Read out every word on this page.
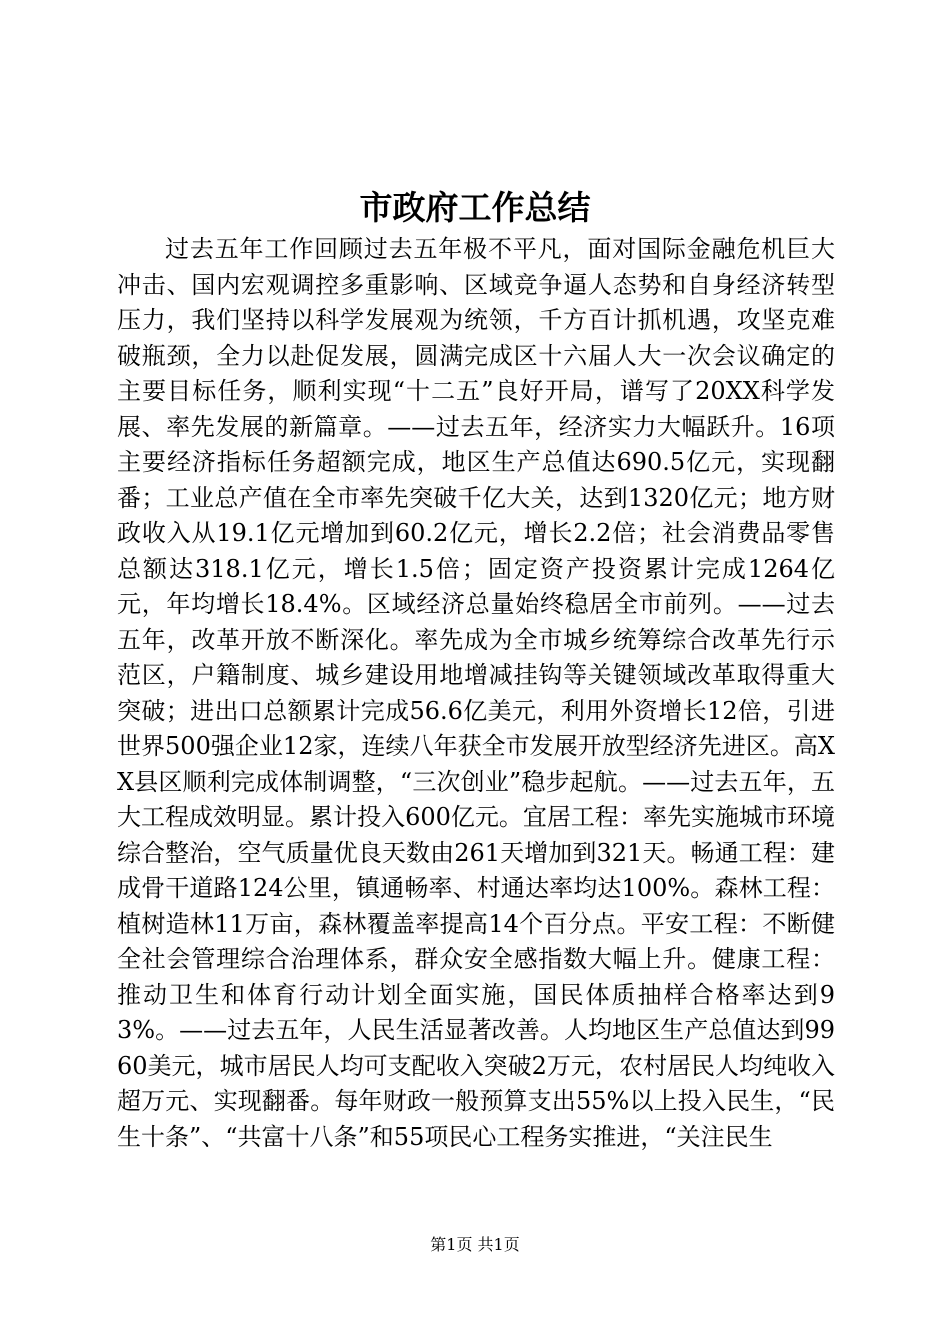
市政府工作总结

过去五年工作回顾过去五年极不平凡，面对国际金融危机巨大冲击、国内宏观调控多重影响、区域竞争逼人态势和自身经济转型压力，我们坚持以科学发展观为统领，千方百计抓机遇，攻坚克难破瓶颈，全力以赴促发展，圆满完成区十六届人大一次会议确定的主要目标任务，顺利实现“十二五”良好开局，谱写了20XX科学发展、率先发展的新篇章。——过去五年，经济实力大幅跃升。16项主要经济指标任务超额完成，地区生产总值达690.5亿元，实现翻番；工业总产值在全市率先突破千亿大关，达到1320亿元；地方财政收入从19.1亿元增加到60.2亿元，增长2.2倍；社会消费品零售总额达318.1亿元，增长1.5倍；固定资产投资累计完成1264亿元，年均增长18.4%。区域经济总量始终稳居全市前列。——过去五年，改革开放不断深化。率先成为全市城乡统筹综合改革先行示范区，户籍制度、城乡建设用地增减挂钩等关键领域改革取得重大突破；进出口总额累计完成56.6亿美元，利用外资增长12倍，引进世界500强企业12家，连续八年获全市发展开放型经济先进区。高XX县区顺利完成体制调整，“三次创业”稳步起航。——过去五年，五大工程成效明显。累计投入600亿元。宜居工程：率先实施城市环境综合整治，空气质量优良天数由261天增加到321天。畅通工程：建成骨干道路124公里，镇通畅率、村通达率均达100%。森林工程：植树造林11万亩，森林覆盖率提高14个百分点。平安工程：不断健全社会管理综合治理体系，群众安全感指数大幅上升。健康工程：推动卫生和体育行动计划全面实施，国民体质抽样合格率达到93%。——过去五年，人民生活显著改善。人均地区生产总值达到9960美元，城市居民人均可支配收入突破2万元，农村居民人均纯收入超万元、实现翻番。每年财政一般预算支出55%以上投入民生，“民生十条”、“共富十八条”和55项民心工程务实推进，“关注民生

第1页 共1页
